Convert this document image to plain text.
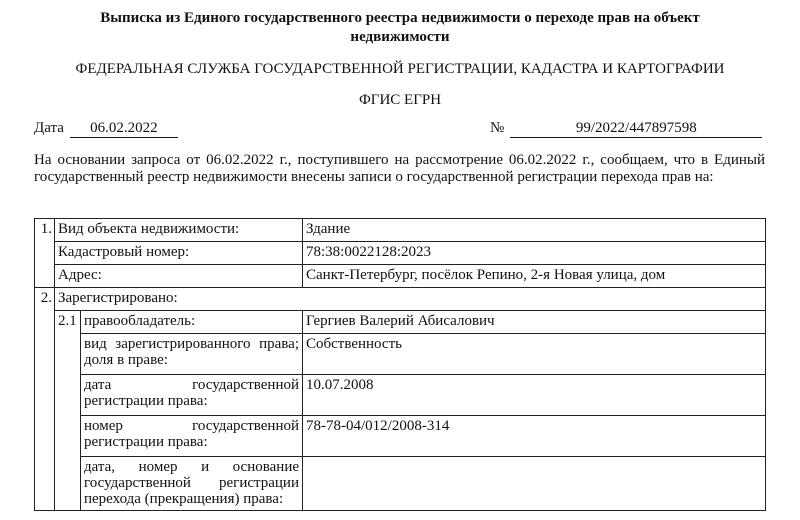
Выписка из Единого государственного реестра недвижимости о переходе прав на объект недвижимости
ФЕДЕРАЛЬНАЯ СЛУЖБА ГОСУДАРСТВЕННОЙ РЕГИСТРАЦИИ, КАДАСТРА И КАРТОГРАФИИ
ФГИС ЕГРН
Дата 06.02.2022	№	99/2022/447897598
На основании запроса от 06.02.2022 г., поступившего на рассмотрение 06.02.2022 г., сообщаем, что в Единый государственный реестр недвижимости внесены записи о государственной регистрации перехода прав на:
1.	Вид объекта недвижимости:		Здание
	Кадастровый номер:		78:38:0022128:2023
	Адрес:		Санкт-Петербург, посёлок Репино, 2-я Новая улица, дом
2.	Зарегистрировано:		
	2.1	правообладатель:	Гергиев Валерий Абисалович
		вид зарегистрированного права; доля в праве:	Собственность
		дата государственной регистрации права:	10.07.2008
		номер государственной регистрации права:	78-78-04/012/2008-314
		дата, номер и основание государственной регистрации перехода (прекращения) права:	
